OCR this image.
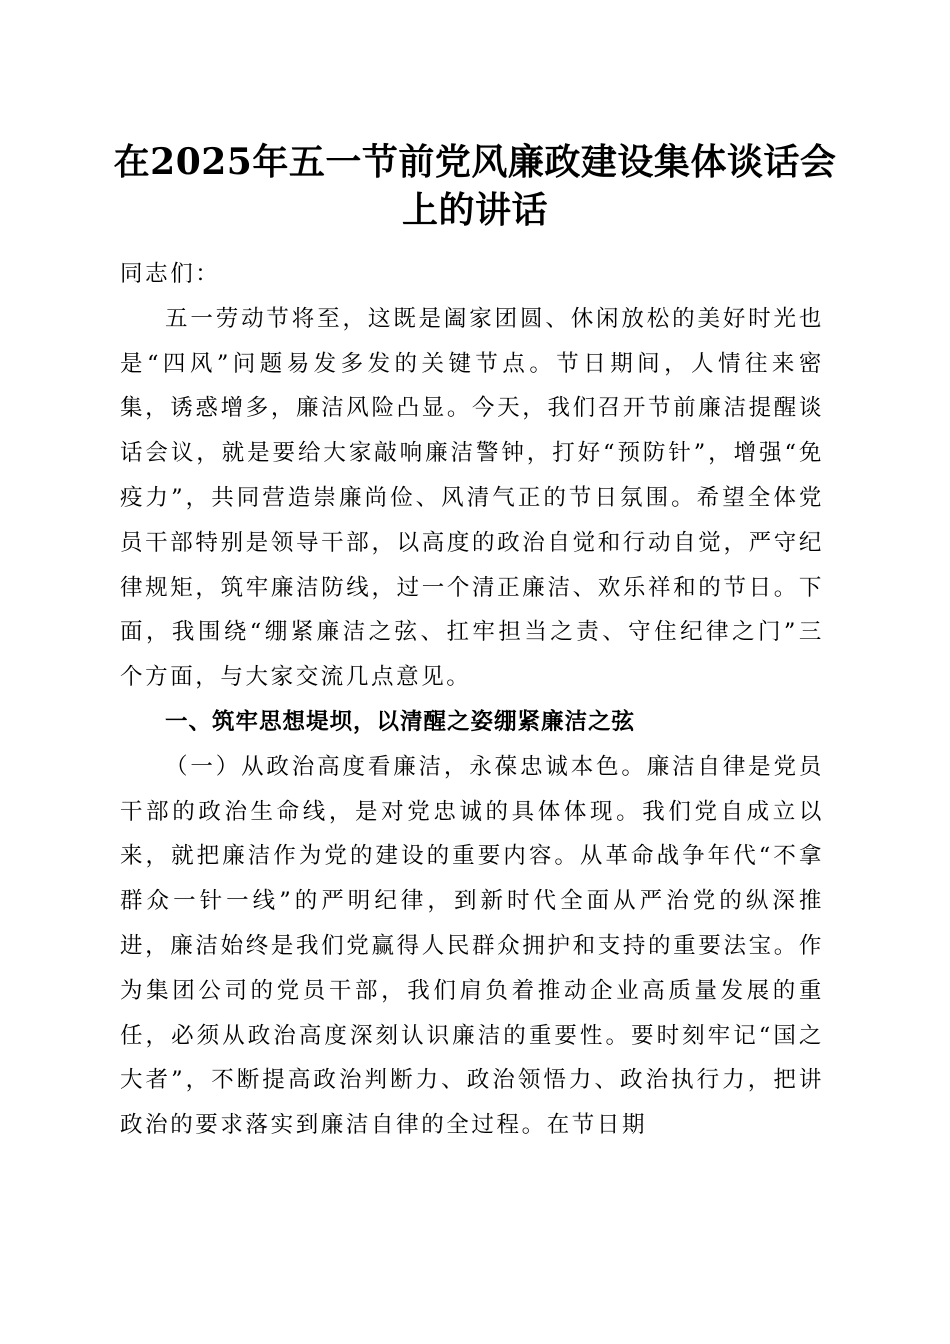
在2025年五一节前党风廉政建设集体谈话会
上的讲话

同志们：

五一劳动节将至，这既是阖家团圆、休闲放松的美好时光也是“四风”问题易发多发的关键节点。节日期间，人情往来密集，诱惑增多，廉洁风险凸显。今天，我们召开节前廉洁提醒谈话会议，就是要给大家敲响廉洁警钟，打好“预防针”，增强“免疫力”，共同营造崇廉尚俭、风清气正的节日氛围。希望全体党员干部特别是领导干部，以高度的政治自觉和行动自觉，严守纪律规矩，筑牢廉洁防线，过一个清正廉洁、欢乐祥和的节日。下面，我围绕“绷紧廉洁之弦、扛牢担当之责、守住纪律之门”三个方面，与大家交流几点意见。

一、筑牢思想堤坝，以清醒之姿绷紧廉洁之弦

（一）从政治高度看廉洁，永葆忠诚本色。廉洁自律是党员干部的政治生命线，是对党忠诚的具体体现。我们党自成立以来，就把廉洁作为党的建设的重要内容。从革命战争年代“不拿群众一针一线”的严明纪律，到新时代全面从严治党的纵深推进，廉洁始终是我们党赢得人民群众拥护和支持的重要法宝。作为集团公司的党员干部，我们肩负着推动企业高质量发展的重任，必须从政治高度深刻认识廉洁的重要性。要时刻牢记“国之大者”，不断提高政治判断力、政治领悟力、政治执行力，把讲政治的要求落实到廉洁自律的全过程。在节日期
